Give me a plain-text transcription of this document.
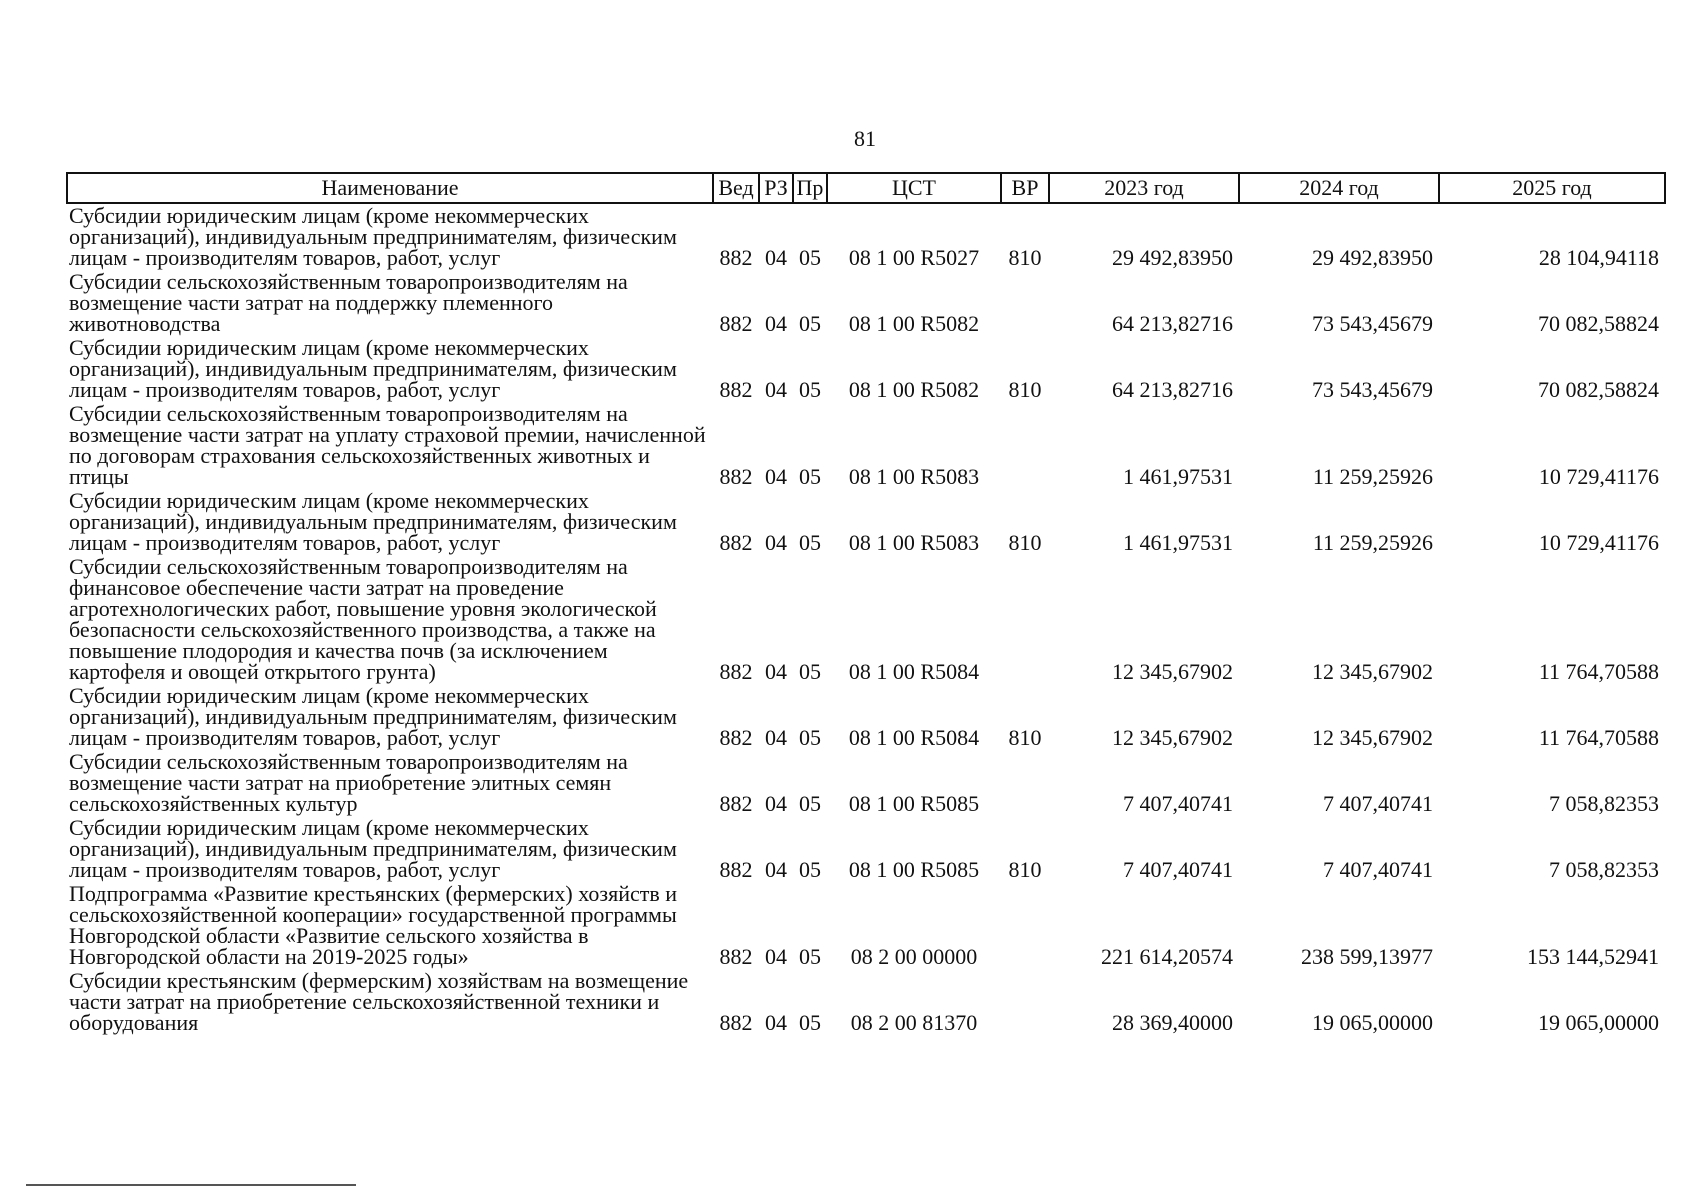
81
Наименование	Вед	РЗ	Пр	ЦСТ	ВР	2023 год	2024 год	2025 год
Субсидии юридическим лицам (кроме некоммерческих организаций), индивидуальным предпринимателям, физическим лицам - производителям товаров, работ, услуг	882	04	05	08 1 00 R5027	810	29 492,83950	29 492,83950	28 104,94118
Субсидии сельскохозяйственным товаропроизводителям на возмещение части затрат на поддержку племенного животноводства	882	04	05	08 1 00 R5082		64 213,82716	73 543,45679	70 082,58824
Субсидии юридическим лицам (кроме некоммерческих организаций), индивидуальным предпринимателям, физическим лицам - производителям товаров, работ, услуг	882	04	05	08 1 00 R5082	810	64 213,82716	73 543,45679	70 082,58824
Субсидии сельскохозяйственным товаропроизводителям на возмещение части затрат на уплату страховой премии, начисленной по договорам страхования сельскохозяйственных животных и птицы	882	04	05	08 1 00 R5083		1 461,97531	11 259,25926	10 729,41176
Субсидии юридическим лицам (кроме некоммерческих организаций), индивидуальным предпринимателям, физическим лицам - производителям товаров, работ, услуг	882	04	05	08 1 00 R5083	810	1 461,97531	11 259,25926	10 729,41176
Субсидии сельскохозяйственным товаропроизводителям на финансовое обеспечение части затрат на проведение агротехнологических работ, повышение уровня экологической безопасности сельскохозяйственного производства, а также на повышение плодородия и качества почв (за исключением картофеля и овощей открытого грунта)	882	04	05	08 1 00 R5084		12 345,67902	12 345,67902	11 764,70588
Субсидии юридическим лицам (кроме некоммерческих организаций), индивидуальным предпринимателям, физическим лицам - производителям товаров, работ, услуг	882	04	05	08 1 00 R5084	810	12 345,67902	12 345,67902	11 764,70588
Субсидии сельскохозяйственным товаропроизводителям на возмещение части затрат на приобретение элитных семян сельскохозяйственных культур	882	04	05	08 1 00 R5085		7 407,40741	7 407,40741	7 058,82353
Субсидии юридическим лицам (кроме некоммерческих организаций), индивидуальным предпринимателям, физическим лицам - производителям товаров, работ, услуг	882	04	05	08 1 00 R5085	810	7 407,40741	7 407,40741	7 058,82353
Подпрограмма «Развитие крестьянских (фермерских) хозяйств и сельскохозяйственной кооперации» государственной программы Новгородской области «Развитие сельского хозяйства в Новгородской области на 2019-2025 годы»	882	04	05	08 2 00 00000		221 614,20574	238 599,13977	153 144,52941
Субсидии крестьянским (фермерским) хозяйствам на возмещение части затрат на приобретение сельскохозяйственной техники и оборудования	882	04	05	08 2 00 81370		28 369,40000	19 065,00000	19 065,00000
